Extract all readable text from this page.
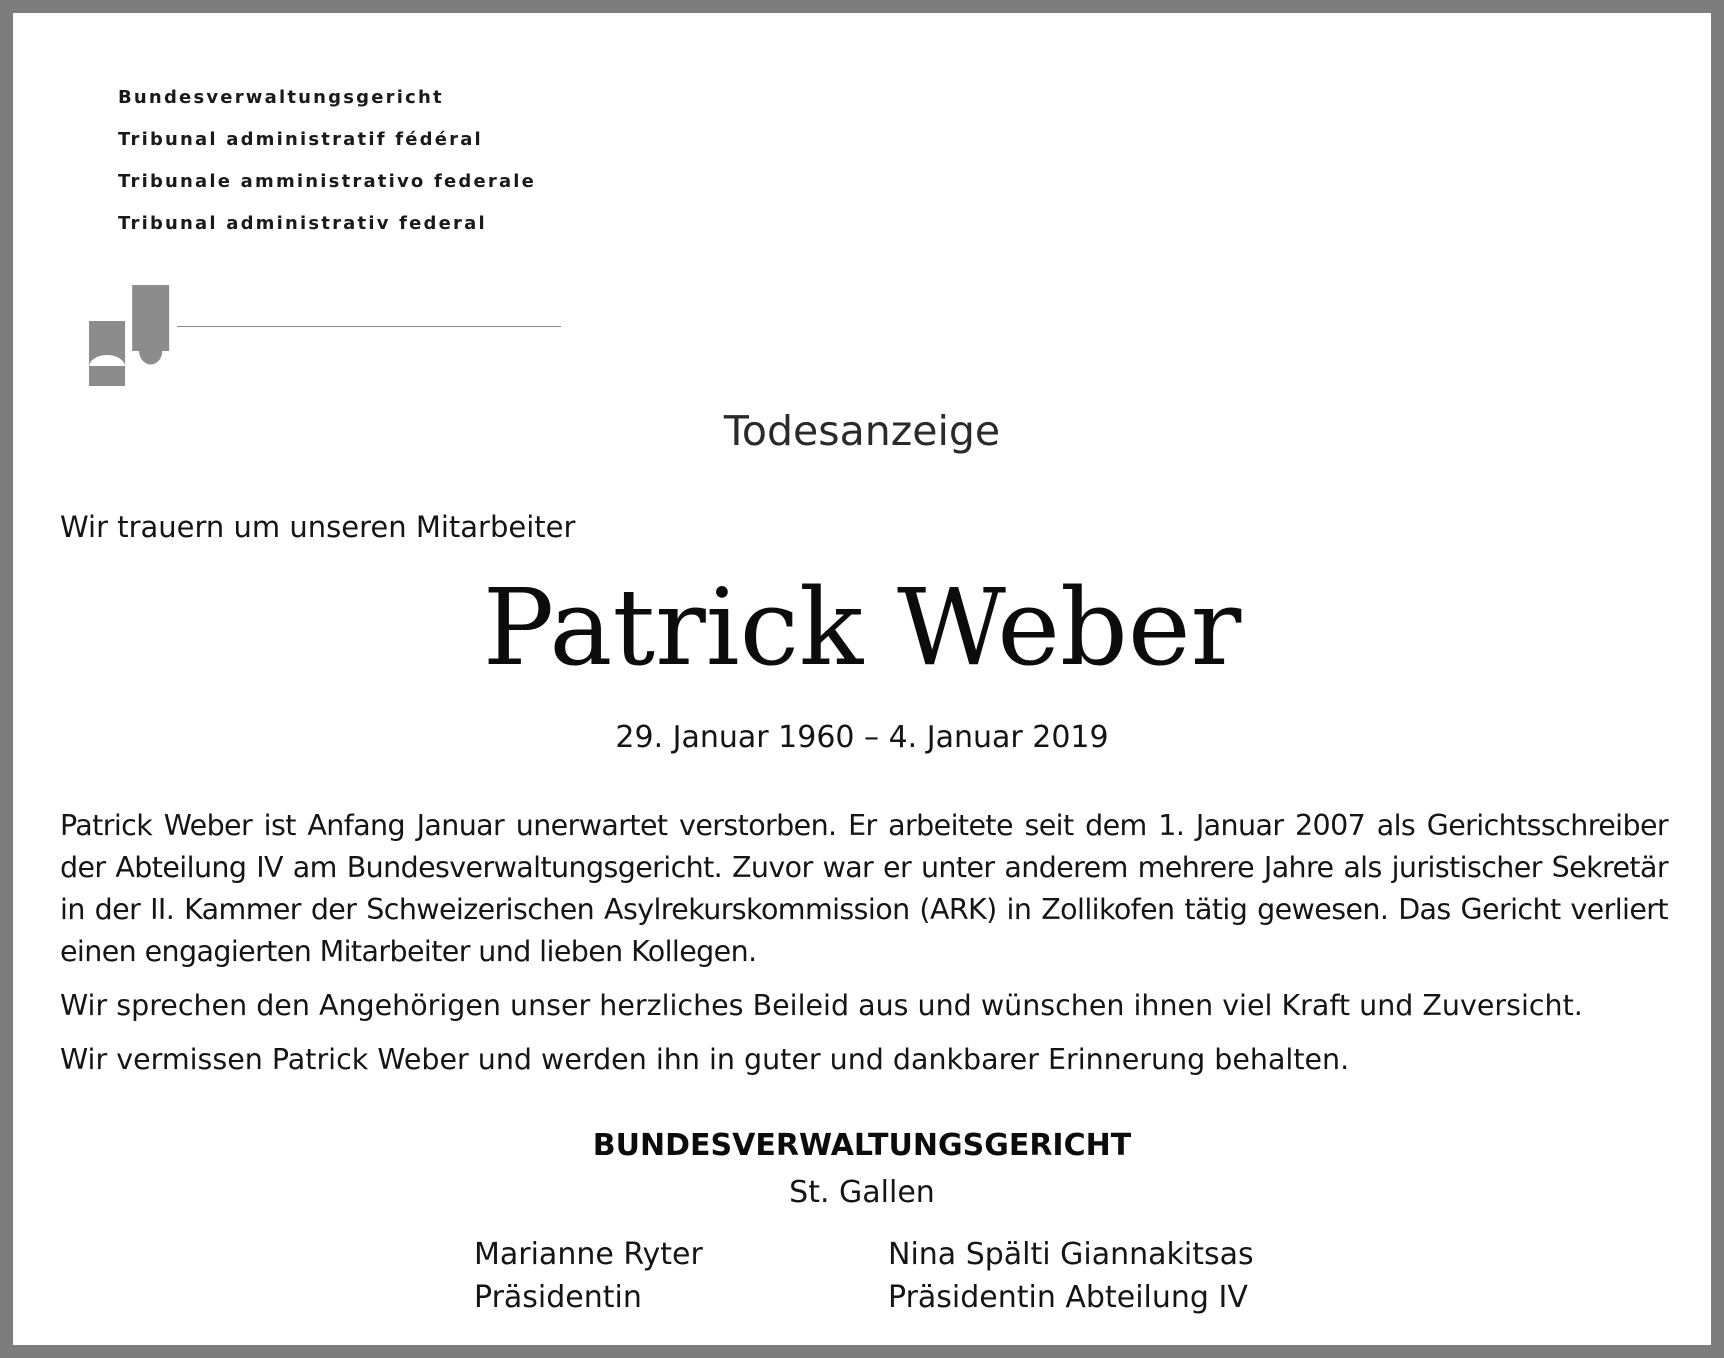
Bundesverwaltungsgericht
Tribunal administratif fédéral
Tribunale amministrativo federale
Tribunal administrativ federal
Todesanzeige
Wir trauern um unseren Mitarbeiter
Patrick Weber
29. Januar 1960 – 4. Januar 2019

Patrick Weber ist Anfang Januar unerwartet verstorben. Er arbeitete seit dem 1. Januar 2007 als Gerichtsschreiber der Abteilung IV am Bundesverwaltungsgericht. Zuvor war er unter anderem mehrere Jahre als juristischer Sekretär in der II. Kammer der Schweizerischen Asylrekurskommission (ARK) in Zollikofen tätig gewesen. Das Gericht verliert einen engagierten Mitarbeiter und lieben Kollegen.

Wir sprechen den Angehörigen unser herzliches Beileid aus und wünschen ihnen viel Kraft und Zuversicht.

Wir vermissen Patrick Weber und werden ihn in guter und dankbarer Erinnerung behalten.

BUNDESVERWALTUNGSGERICHT
St. Gallen
Marianne Ryter
Präsidentin
Nina Spälti Giannakitsas
Präsidentin Abteilung IV
